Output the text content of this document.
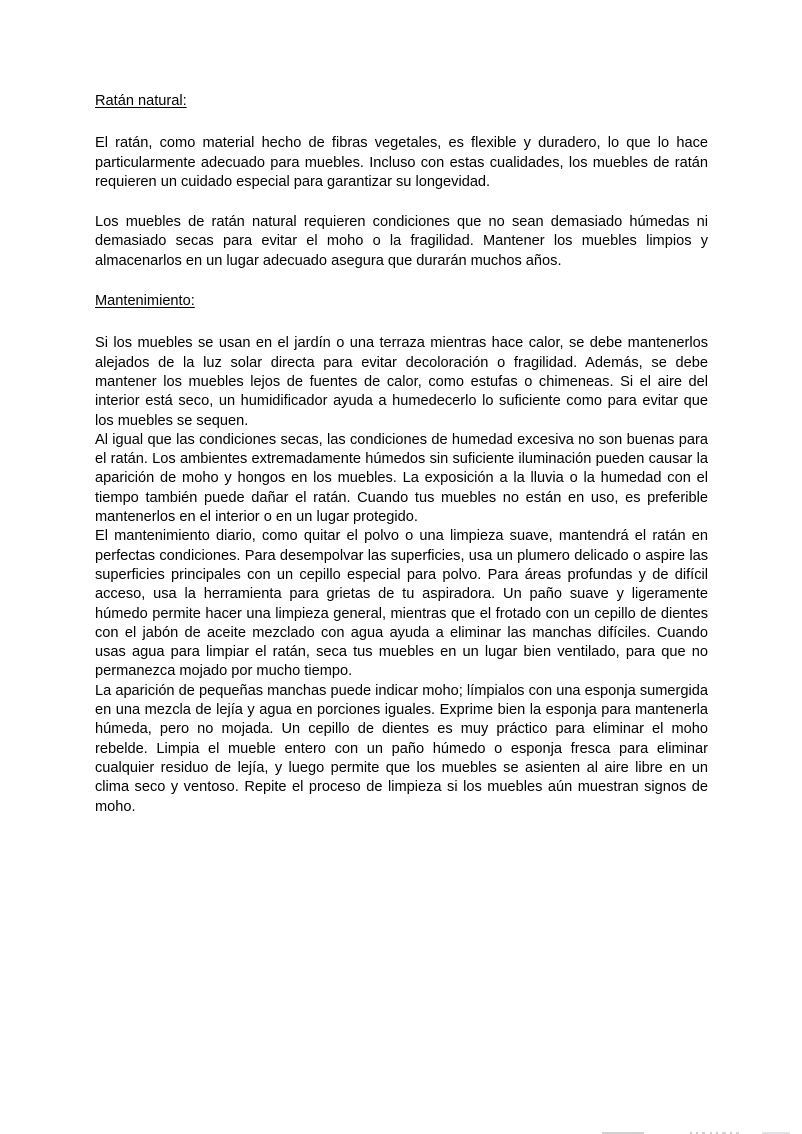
Ratán natural:

El ratán, como material hecho de fibras vegetales, es flexible y duradero, lo que lo hace particularmente adecuado para muebles. Incluso con estas cualidades, los muebles de ratán requieren un cuidado especial para garantizar su longevidad.

Los muebles de ratán natural requieren condiciones que no sean demasiado húmedas ni demasiado secas para evitar el moho o la fragilidad. Mantener los muebles limpios y almacenarlos en un lugar adecuado asegura que durarán muchos años.

Mantenimiento:

Si los muebles se usan en el jardín o una terraza mientras hace calor, se debe mantenerlos alejados de la luz solar directa para evitar decoloración o fragilidad. Además, se debe mantener los muebles lejos de fuentes de calor, como estufas o chimeneas. Si el aire del interior está seco, un humidificador ayuda a humedecerlo lo suficiente como para evitar que los muebles se sequen.

Al igual que las condiciones secas, las condiciones de humedad excesiva no son buenas para el ratán. Los ambientes extremadamente húmedos sin suficiente iluminación pueden causar la aparición de moho y hongos en los muebles. La exposición a la lluvia o la humedad con el tiempo también puede dañar el ratán. Cuando tus muebles no están en uso, es preferible mantenerlos en el interior o en un lugar protegido.

El mantenimiento diario, como quitar el polvo o una limpieza suave, mantendrá el ratán en perfectas condiciones. Para desempolvar las superficies, usa un plumero delicado o aspire las superficies principales con un cepillo especial para polvo. Para áreas profundas y de difícil acceso, usa la herramienta para grietas de tu aspiradora. Un paño suave y ligeramente húmedo permite hacer una limpieza general, mientras que el frotado con un cepillo de dientes con el jabón de aceite mezclado con agua ayuda a eliminar las manchas difíciles. Cuando usas agua para limpiar el ratán, seca tus muebles en un lugar bien ventilado, para que no permanezca mojado por mucho tiempo.

La aparición de pequeñas manchas puede indicar moho; límpialos con una esponja sumergida en una mezcla de lejía y agua en porciones iguales. Exprime bien la esponja para mantenerla húmeda, pero no mojada. Un cepillo de dientes es muy práctico para eliminar el moho rebelde. Limpia el mueble entero con un paño húmedo o esponja fresca para eliminar cualquier residuo de lejía, y luego permite que los muebles se asienten al aire libre en un clima seco y ventoso. Repite el proceso de limpieza si los muebles aún muestran signos de moho.
